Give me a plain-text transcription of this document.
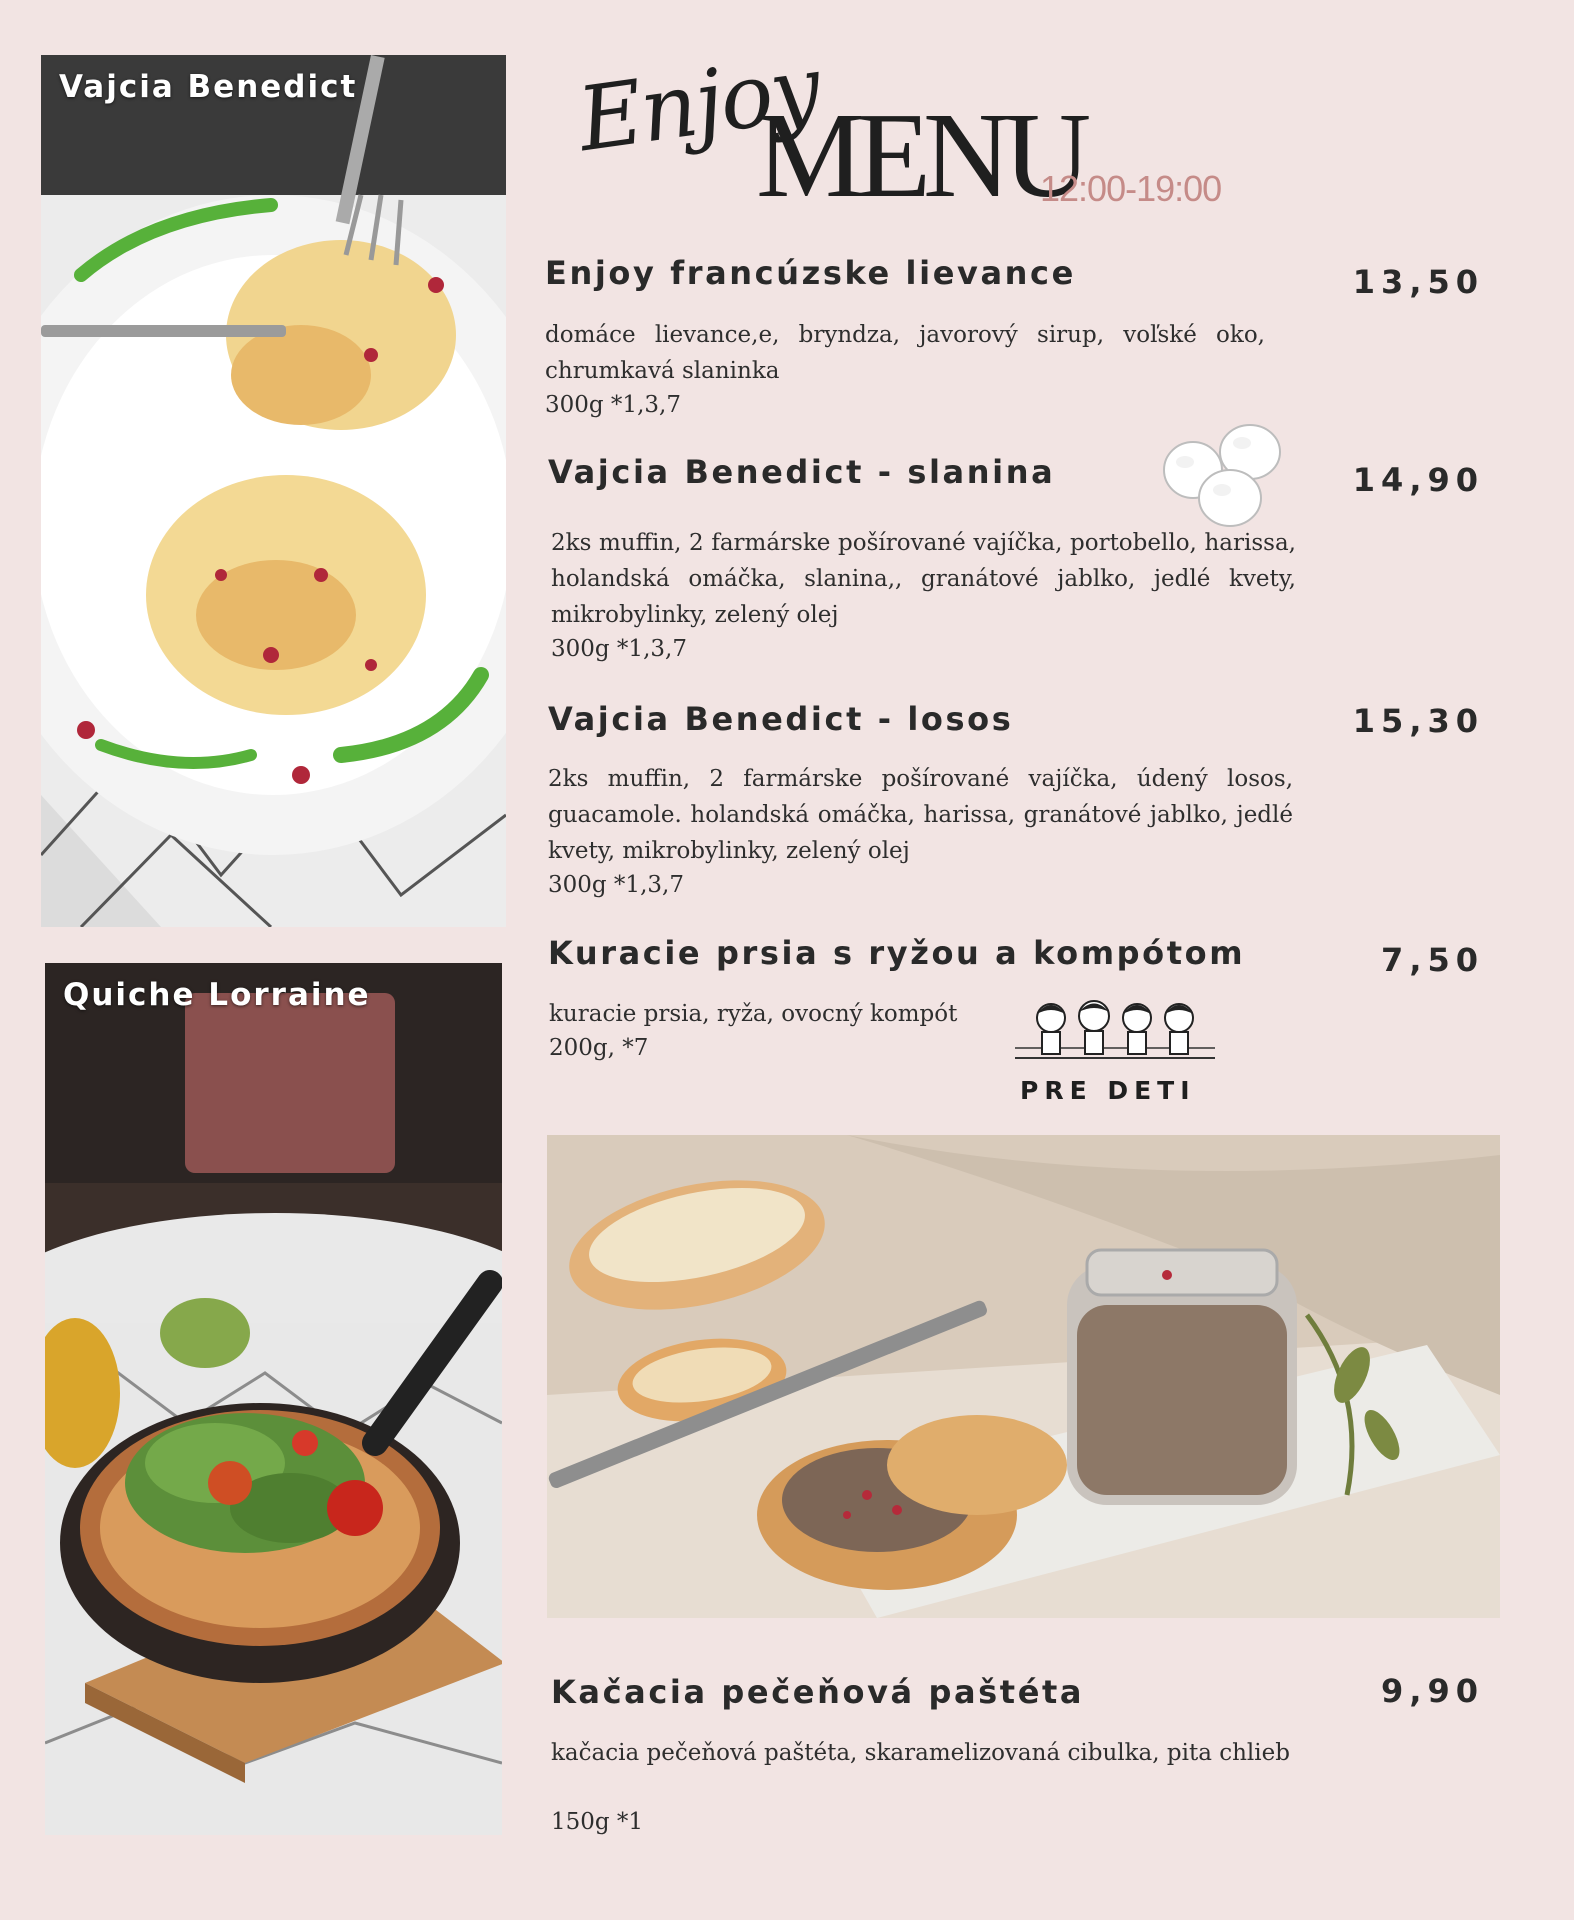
Vajcia Benedict
Quiche Lorraine
Enjoy
MENU
12:00-19:00
Enjoy francúzske lievance	13,50
domáce lievance,e, bryndza, javorový sirup, voľské oko, chrumkavá slaninka
300g *1,3,7
Vajcia Benedict - slanina	14,90
2ks muffin, 2 farmárske pošírované vajíčka, portobello, harissa, holandská omáčka, slanina,, granátové jablko, jedlé kvety, mikrobylinky, zelený olej
300g *1,3,7
Vajcia Benedict - losos	15,30
2ks muffin, 2 farmárske pošírované vajíčka, údený losos, guacamole. holandská omáčka, harissa, granátové jablko, jedlé kvety, mikrobylinky, zelený olej
300g *1,3,7
Kuracie prsia s ryžou a kompótom	7,50
kuracie prsia, ryža, ovocný kompót
200g, *7
PRE DETI
Kačacia pečeňová paštéta	9,90
kačacia pečeňová paštéta, skaramelizovaná cibulka, pita chlieb
150g *1
